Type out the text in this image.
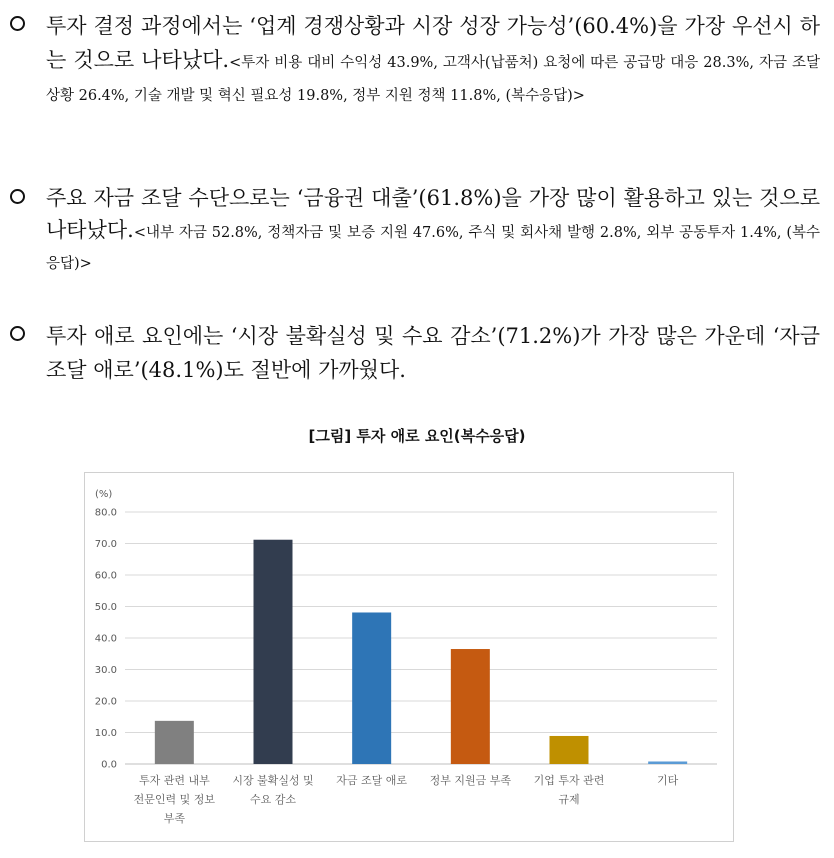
투자 결정 과정에서는 ‘업계 경쟁상황과 시장 성장 가능성’(60.4%)을 가장 우선시 하는 것으로 나타났다.<투자 비용 대비 수익성 43.9%, 고객사(납품처) 요청에 따른 공급망 대응 28.3%, 자금 조달 상황 26.4%, 기술 개발 및 혁신 필요성 19.8%, 정부 지원 정책 11.8%, (복수응답)>
주요 자금 조달 수단으로는 ‘금융권 대출’(61.8%)을 가장 많이 활용하고 있는 것으로 나타났다.<내부 자금 52.8%, 정책자금 및 보증 지원 47.6%, 주식 및 회사채 발행 2.8%, 외부 공동투자 1.4%, (복수응답)>
투자 애로 요인에는 ‘시장 불확실성 및 수요 감소’(71.2%)가 가장 많은 가운데 ‘자금 조달 애로’(48.1%)도 절반에 가까웠다.
[그림] 투자 애로 요인(복수응답)
(%)
0.0
10.0
20.0
30.0
40.0
50.0
60.0
70.0
80.0
투자 관련 내부
전문인력 및 정보
부족
시장 불확실성 및
수요 감소
자금 조달 애로 정부 지원금 부족 기업 투자 관련
규제
기타
